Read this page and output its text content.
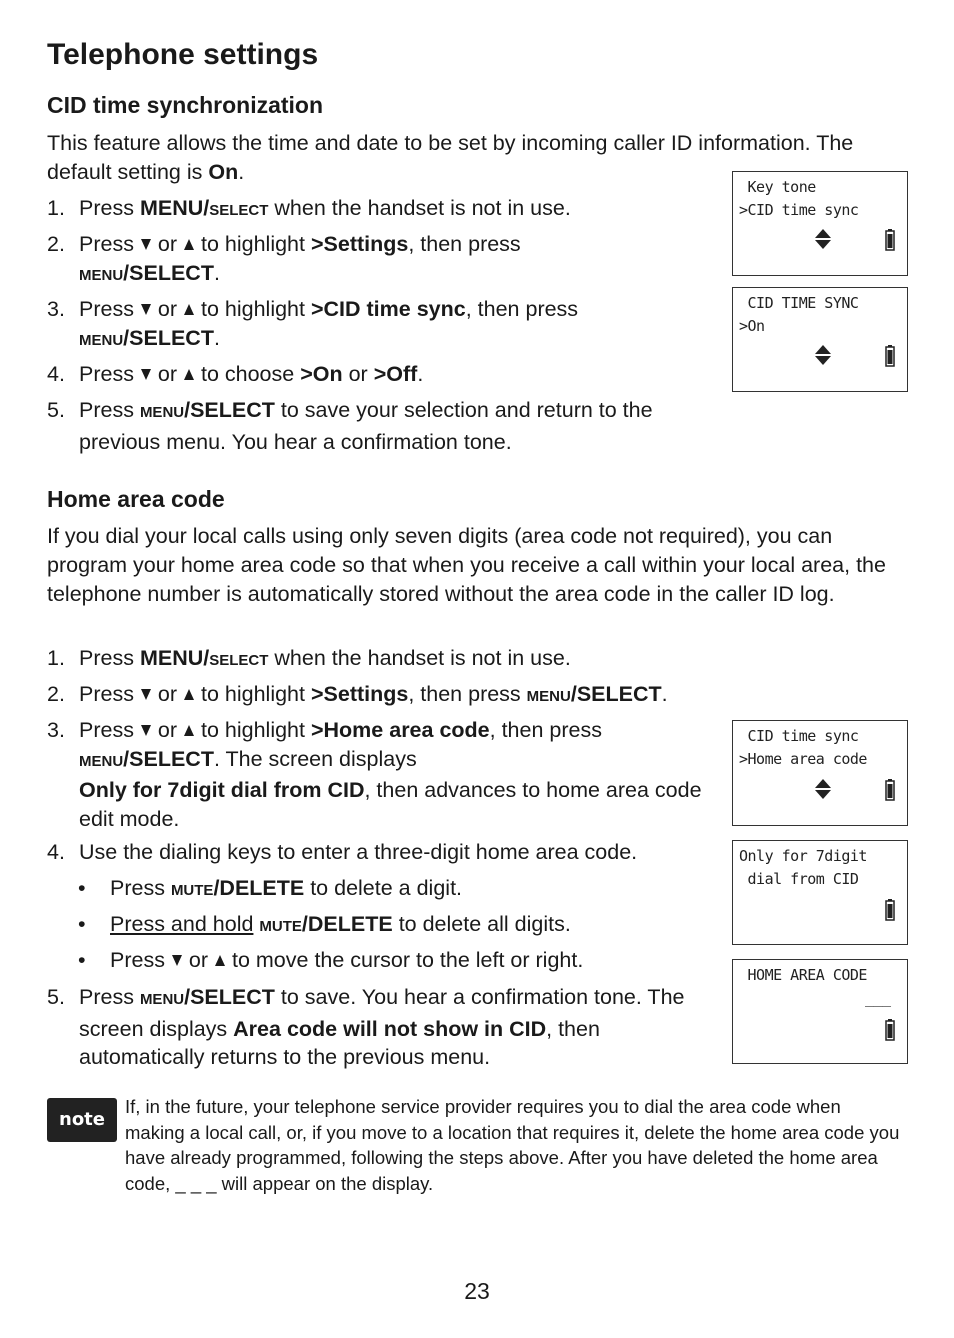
Telephone settings
CID time synchronization

This feature allows the time and date to be set by incoming caller ID information. The default setting is On.

1. Press MENU/SELECT when the handset is not in use.
2. Press  or  to highlight >Settings, then press
MENU/SELECT.
3. Press  or  to highlight >CID time sync, then press
MENU/SELECT.
4. Press  or  to choose >On or >Off.
5. Press MENU/SELECT to save your selection and return to the previous menu. You hear a confirmation tone.
Key tone
>CID time sync
CID TIME SYNC
>On
Home area code

If you dial your local calls using only seven digits (area code not required), you can program your home area code so that when you receive a call within your local area, the telephone number is automatically stored without the area code in the caller ID log.

1. Press MENU/SELECT when the handset is not in use.
2. Press  or  to highlight >Settings, then press MENU/SELECT.
3. Press  or  to highlight >Home area code, then press
MENU/SELECT. The screen displays
Only for 7digit dial from CID, then advances to home area code edit mode.
4. Use the dialing keys to enter a three-digit home area code.
• Press MUTE/DELETE to delete a digit.
• Press and hold MUTE/DELETE to delete all digits.
• Press  or  to move the cursor to the left or right.
5. Press MENU/SELECT to save. You hear a confirmation tone. The screen displays Area code will not show in CID, then automatically returns to the previous menu.
CID time sync
>Home area code
Only for 7digit
dial from CID
HOME AREA CODE
___
note

If, in the future, your telephone service provider requires you to dial the area code when making a local call, or, if you move to a location that requires it, delete the home area code you have already programmed, following the steps above. After you have deleted the home area code, _ _ _ will appear on the display.

23
